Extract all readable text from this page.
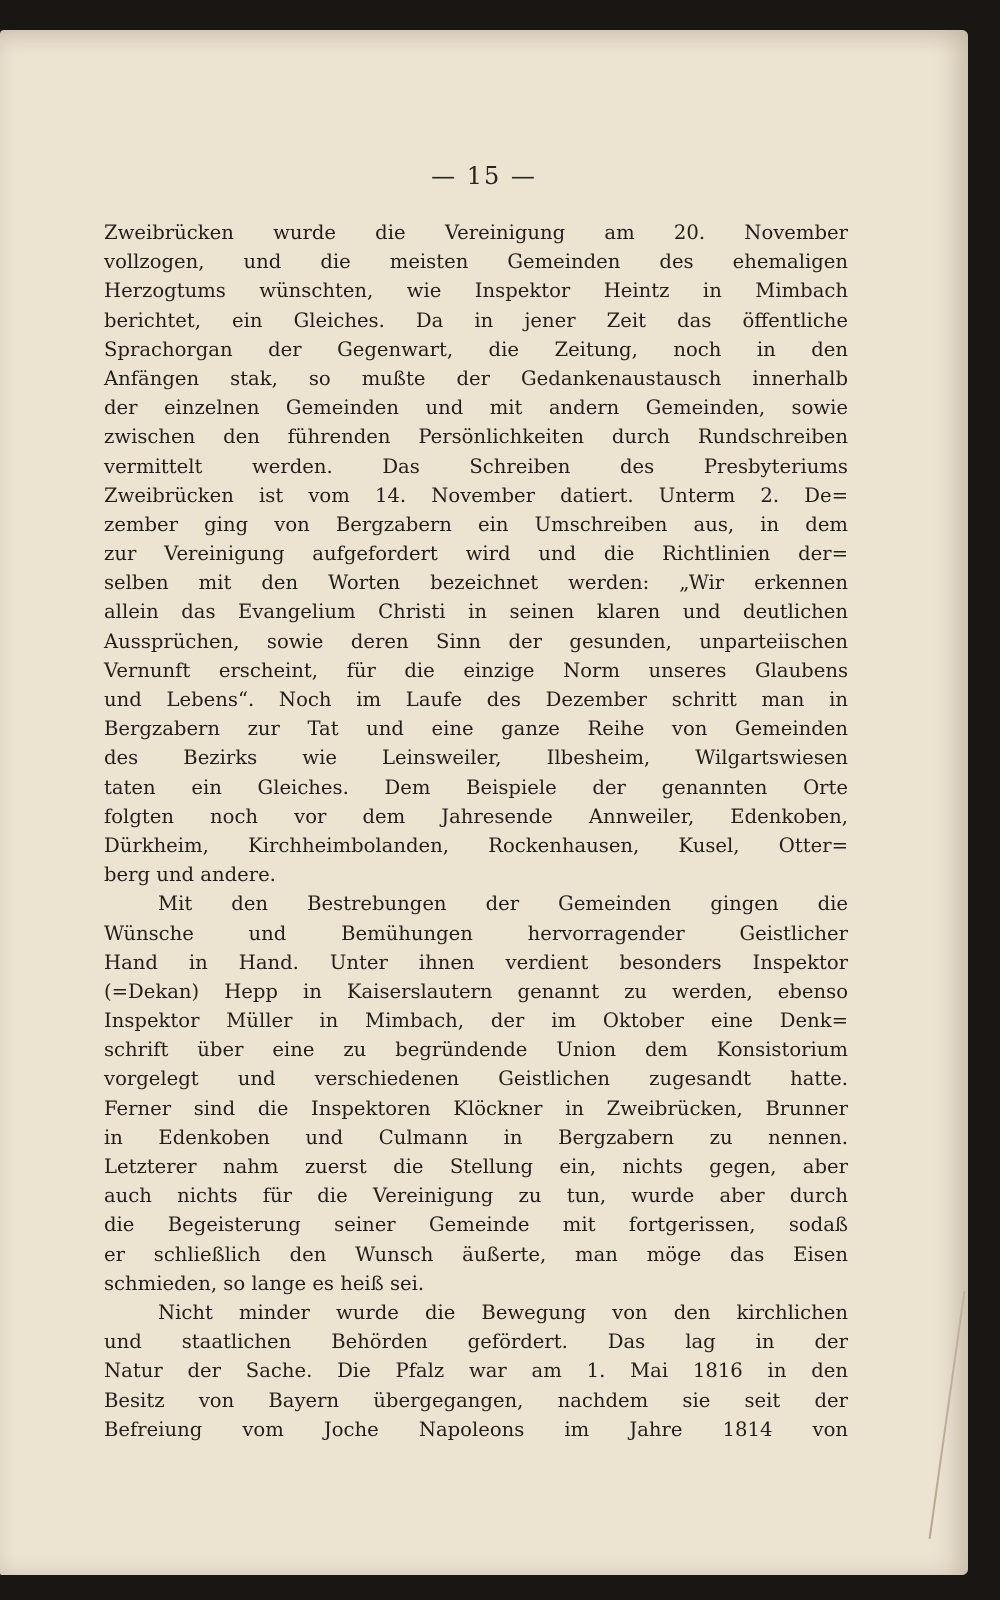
— 15 —
Zweibrücken wurde die Vereinigung am 20. November
vollzogen, und die meisten Gemeinden des ehemaligen
Herzogtums wünschten, wie Inspektor Heintz in Mimbach
berichtet, ein Gleiches. Da in jener Zeit das öffentliche
Sprachorgan der Gegenwart, die Zeitung, noch in den
Anfängen stak, so mußte der Gedankenaustausch innerhalb
der einzelnen Gemeinden und mit andern Gemeinden, sowie
zwischen den führenden Persönlichkeiten durch Rundschreiben
vermittelt werden. Das Schreiben des Presbyteriums
Zweibrücken ist vom 14. November datiert. Unterm 2. De=
zember ging von Bergzabern ein Umschreiben aus, in dem
zur Vereinigung aufgefordert wird und die Richtlinien der=
selben mit den Worten bezeichnet werden: „Wir erkennen
allein das Evangelium Christi in seinen klaren und deutlichen
Aussprüchen, sowie deren Sinn der gesunden, unparteiischen
Vernunft erscheint, für die einzige Norm unseres Glaubens
und Lebens“. Noch im Laufe des Dezember schritt man in
Bergzabern zur Tat und eine ganze Reihe von Gemeinden
des Bezirks wie Leinsweiler, Ilbesheim, Wilgartswiesen
taten ein Gleiches. Dem Beispiele der genannten Orte
folgten noch vor dem Jahresende Annweiler, Edenkoben,
Dürkheim, Kirchheimbolanden, Rockenhausen, Kusel, Otter=
berg und andere.
Mit den Bestrebungen der Gemeinden gingen die
Wünsche und Bemühungen hervorragender Geistlicher
Hand in Hand. Unter ihnen verdient besonders Inspektor
(=Dekan) Hepp in Kaiserslautern genannt zu werden, ebenso
Inspektor Müller in Mimbach, der im Oktober eine Denk=
schrift über eine zu begründende Union dem Konsistorium
vorgelegt und verschiedenen Geistlichen zugesandt hatte.
Ferner sind die Inspektoren Klöckner in Zweibrücken, Brunner
in Edenkoben und Culmann in Bergzabern zu nennen.
Letzterer nahm zuerst die Stellung ein, nichts gegen, aber
auch nichts für die Vereinigung zu tun, wurde aber durch
die Begeisterung seiner Gemeinde mit fortgerissen, sodaß
er schließlich den Wunsch äußerte, man möge das Eisen
schmieden, so lange es heiß sei.
Nicht minder wurde die Bewegung von den kirchlichen
und staatlichen Behörden gefördert. Das lag in der
Natur der Sache. Die Pfalz war am 1. Mai 1816 in den
Besitz von Bayern übergegangen, nachdem sie seit der
Befreiung vom Joche Napoleons im Jahre 1814 von
